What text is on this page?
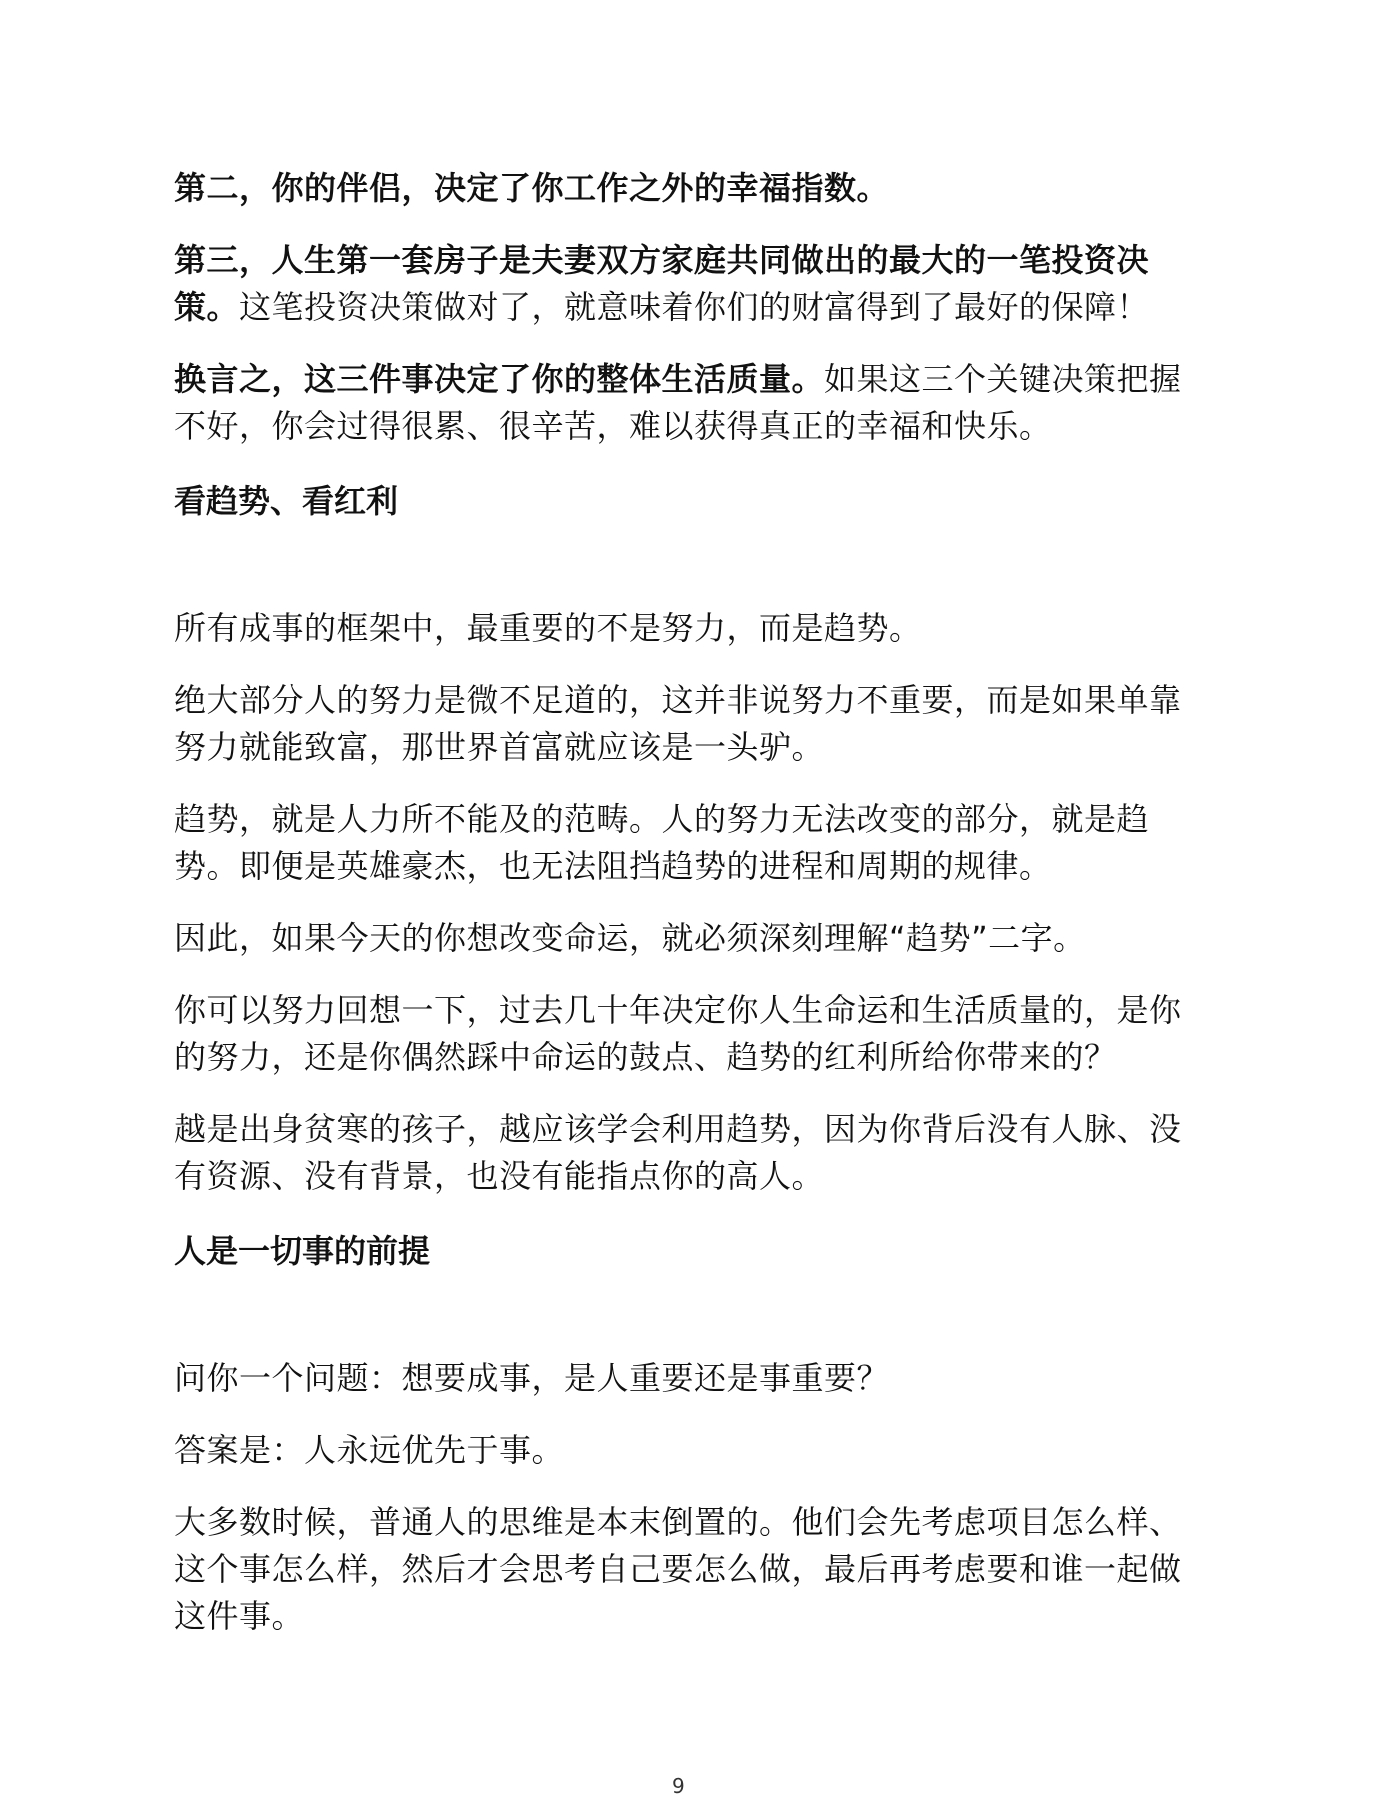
第二，你的伴侣，决定了你工作之外的幸福指数。

第三，人生第一套房子是夫妻双方家庭共同做出的最大的一笔投资决策。这笔投资决策做对了，就意味着你们的财富得到了最好的保障！

换言之，这三件事决定了你的整体生活质量。如果这三个关键决策把握不好，你会过得很累、很辛苦，难以获得真正的幸福和快乐。

看趋势、看红利

所有成事的框架中，最重要的不是努力，而是趋势。

绝大部分人的努力是微不足道的，这并非说努力不重要，而是如果单靠努力就能致富，那世界首富就应该是一头驴。

趋势，就是人力所不能及的范畴。人的努力无法改变的部分，就是趋势。即便是英雄豪杰，也无法阻挡趋势的进程和周期的规律。

因此，如果今天的你想改变命运，就必须深刻理解“趋势”二字。

你可以努力回想一下，过去几十年决定你人生命运和生活质量的，是你的努力，还是你偶然踩中命运的鼓点、趋势的红利所给你带来的？

越是出身贫寒的孩子，越应该学会利用趋势，因为你背后没有人脉、没有资源、没有背景，也没有能指点你的高人。

人是一切事的前提

问你一个问题：想要成事，是人重要还是事重要？

答案是：人永远优先于事。

大多数时候，普通人的思维是本末倒置的。他们会先考虑项目怎么样、这个事怎么样，然后才会思考自己要怎么做，最后再考虑要和谁一起做这件事。

9
